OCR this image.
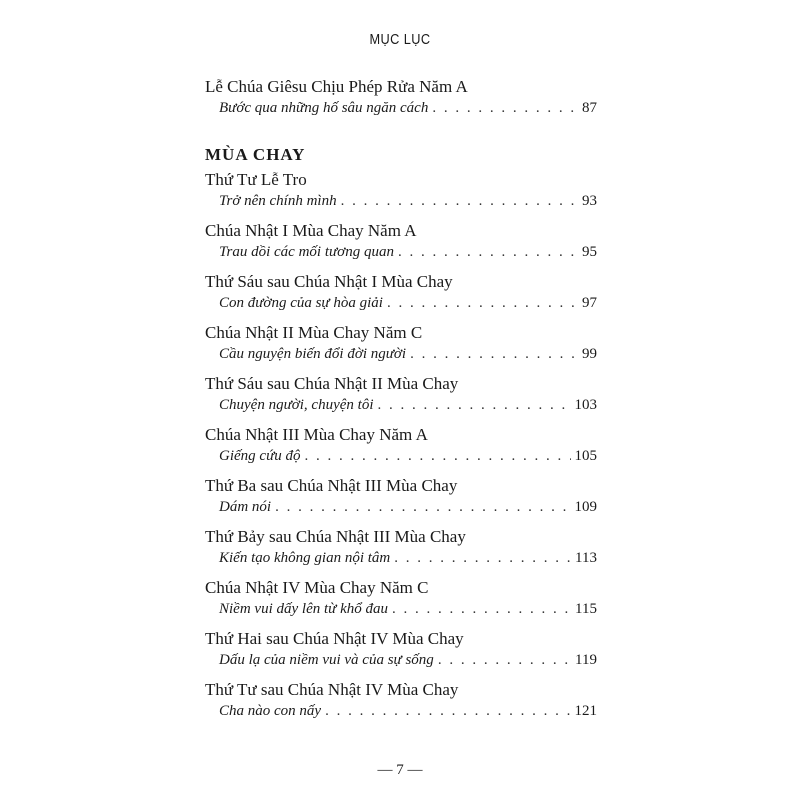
MỤC LỤC
Lễ Chúa Giêsu Chịu Phép Rửa Năm A
Bước qua những hố sâu ngăn cách . . .	87
MÙA CHAY
Thứ Tư Lễ Tro
Trở nên chính mình . . .	93
Chúa Nhật I Mùa Chay Năm A
Trau dồi các mối tương quan . . .	95
Thứ Sáu sau Chúa Nhật I Mùa Chay
Con đường của sự hòa giải . . .	97
Chúa Nhật II Mùa Chay Năm C
Cầu nguyện biến đổi đời người . . .	99
Thứ Sáu sau Chúa Nhật II Mùa Chay
Chuyện người, chuyện tôi . . .	103
Chúa Nhật III Mùa Chay Năm A
Giếng cứu độ . . .	105
Thứ Ba sau Chúa Nhật III Mùa Chay
Dám nói . . .	109
Thứ Bảy sau Chúa Nhật III Mùa Chay
Kiến tạo không gian nội tâm . . .	113
Chúa Nhật IV Mùa Chay Năm C
Niềm vui dấy lên từ khổ đau . . .	115
Thứ Hai sau Chúa Nhật IV Mùa Chay
Dấu lạ của niềm vui và của sự sống . . .	119
Thứ Tư sau Chúa Nhật IV Mùa Chay
Cha nào con nấy . . .	121
— 7 —
